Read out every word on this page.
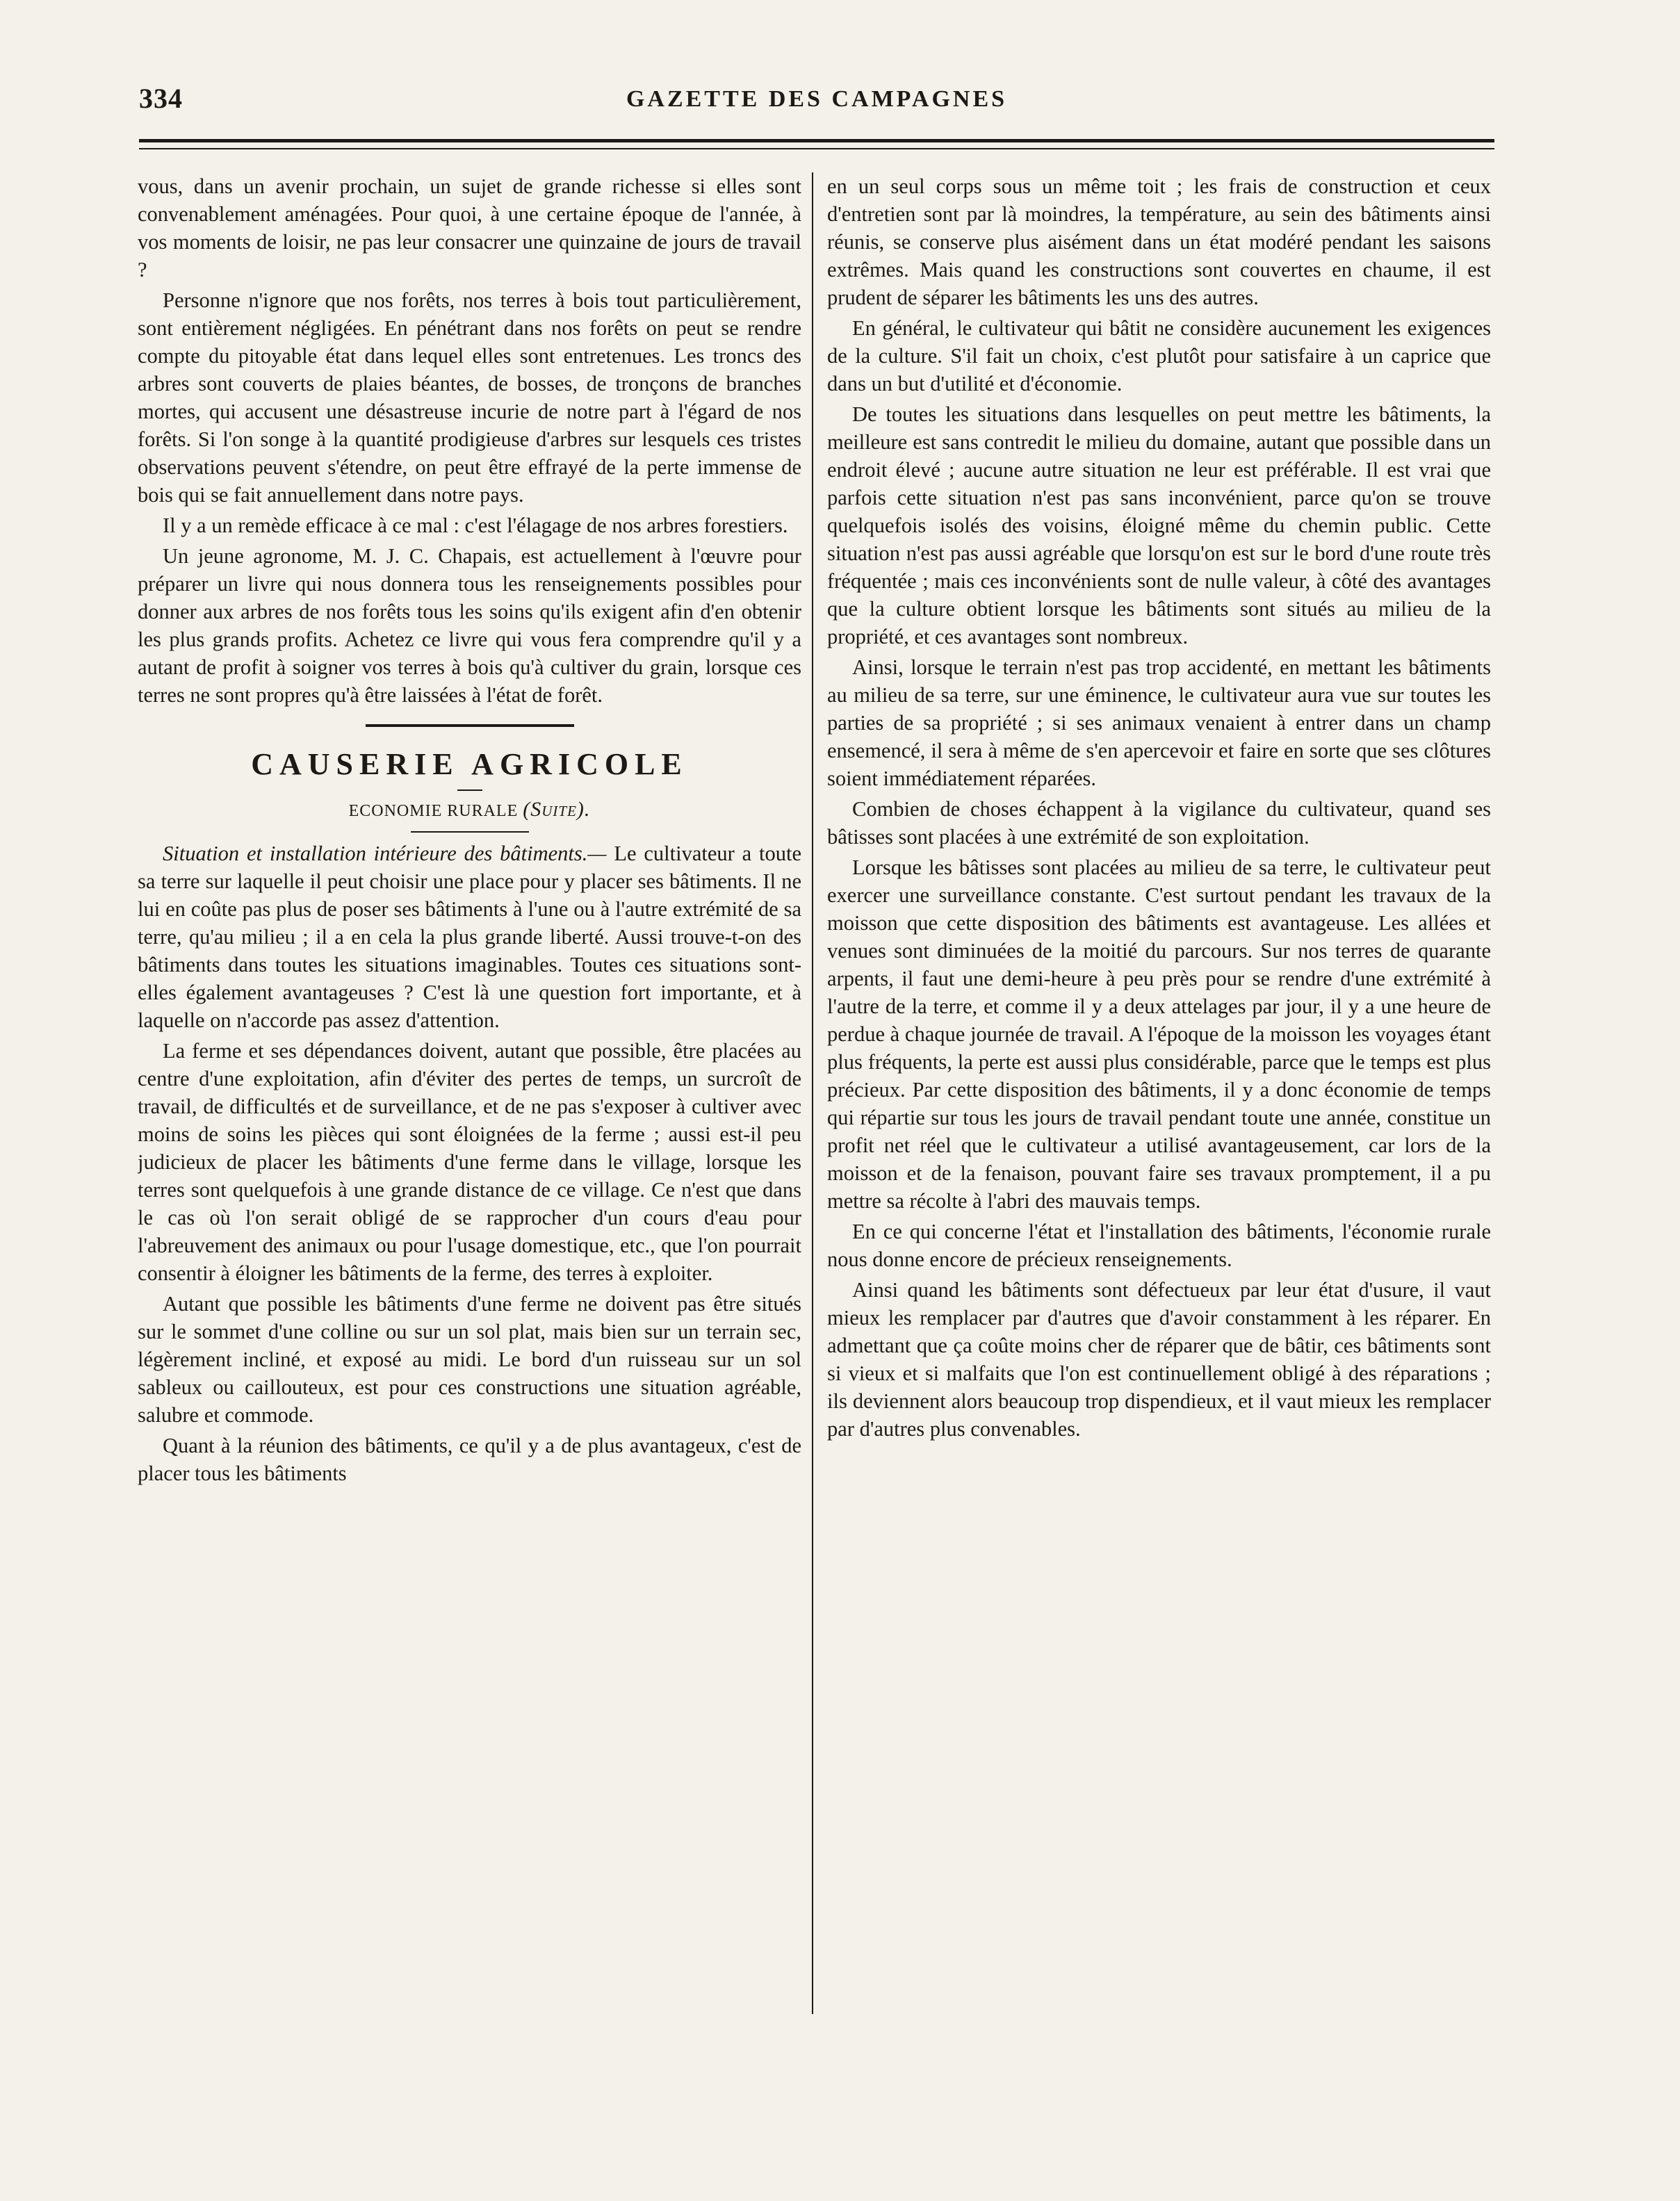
334	GAZETTE DES CAMPAGNES

vous, dans un avenir prochain, un sujet de grande richesse si elles sont convenablement aménagées. Pour quoi, à une certaine époque de l'année, à vos moments de loisir, ne pas leur consacrer une quinzaine de jours de travail ?

Personne n'ignore que nos forêts, nos terres à bois tout particulièrement, sont entièrement négligées. En pénétrant dans nos forêts on peut se rendre compte du pitoyable état dans lequel elles sont entretenues. Les troncs des arbres sont couverts de plaies béantes, de bosses, de tronçons de branches mortes, qui accusent une désastreuse incurie de notre part à l'égard de nos forêts. Si l'on songe à la quantité prodigieuse d'arbres sur lesquels ces tristes observations peuvent s'étendre, on peut être effrayé de la perte immense de bois qui se fait annuellement dans notre pays.

Il y a un remède efficace à ce mal : c'est l'élagage de nos arbres forestiers.

Un jeune agronome, M. J. C. Chapais, est actuellement à l'œuvre pour préparer un livre qui nous donnera tous les renseignements possibles pour donner aux arbres de nos forêts tous les soins qu'ils exigent afin d'en obtenir les plus grands profits. Achetez ce livre qui vous fera comprendre qu'il y a autant de profit à soigner vos terres à bois qu'à cultiver du grain, lorsque ces terres ne sont propres qu'à être laissées à l'état de forêt.

CAUSERIE AGRICOLE
ECONOMIE RURALE (Suite).

Situation et installation intérieure des bâtiments.— Le cultivateur a toute sa terre sur laquelle il peut choisir une place pour y placer ses bâtiments. Il ne lui en coûte pas plus de poser ses bâtiments à l'une ou à l'autre extrémité de sa terre, qu'au milieu ; il a en cela la plus grande liberté. Aussi trouve-t-on des bâtiments dans toutes les situations imaginables. Toutes ces situations sont-elles également avantageuses ? C'est là une question fort importante, et à laquelle on n'accorde pas assez d'attention.

La ferme et ses dépendances doivent, autant que possible, être placées au centre d'une exploitation, afin d'éviter des pertes de temps, un surcroît de travail, de difficultés et de surveillance, et de ne pas s'exposer à cultiver avec moins de soins les pièces qui sont éloignées de la ferme ; aussi est-il peu judicieux de placer les bâtiments d'une ferme dans le village, lorsque les terres sont quelquefois à une grande distance de ce village. Ce n'est que dans le cas où l'on serait obligé de se rapprocher d'un cours d'eau pour l'abreuvement des animaux ou pour l'usage domestique, etc., que l'on pourrait consentir à éloigner les bâtiments de la ferme, des terres à exploiter.

Autant que possible les bâtiments d'une ferme ne doivent pas être situés sur le sommet d'une colline ou sur un sol plat, mais bien sur un terrain sec, légèrement incliné, et exposé au midi. Le bord d'un ruisseau sur un sol sableux ou caillouteux, est pour ces constructions une situation agréable, salubre et commode.

Quant à la réunion des bâtiments, ce qu'il y a de plus avantageux, c'est de placer tous les bâtiments

en un seul corps sous un même toit ; les frais de construction et ceux d'entretien sont par là moindres, la température, au sein des bâtiments ainsi réunis, se conserve plus aisément dans un état modéré pendant les saisons extrêmes. Mais quand les constructions sont couvertes en chaume, il est prudent de séparer les bâtiments les uns des autres.

En général, le cultivateur qui bâtit ne considère aucunement les exigences de la culture. S'il fait un choix, c'est plutôt pour satisfaire à un caprice que dans un but d'utilité et d'économie.

De toutes les situations dans lesquelles on peut mettre les bâtiments, la meilleure est sans contredit le milieu du domaine, autant que possible dans un endroit élevé ; aucune autre situation ne leur est préférable. Il est vrai que parfois cette situation n'est pas sans inconvénient, parce qu'on se trouve quelquefois isolés des voisins, éloigné même du chemin public. Cette situation n'est pas aussi agréable que lorsqu'on est sur le bord d'une route très fréquentée ; mais ces inconvénients sont de nulle valeur, à côté des avantages que la culture obtient lorsque les bâtiments sont situés au milieu de la propriété, et ces avantages sont nombreux.

Ainsi, lorsque le terrain n'est pas trop accidenté, en mettant les bâtiments au milieu de sa terre, sur une éminence, le cultivateur aura vue sur toutes les parties de sa propriété ; si ses animaux venaient à entrer dans un champ ensemencé, il sera à même de s'en apercevoir et faire en sorte que ses clôtures soient immédiatement réparées.

Combien de choses échappent à la vigilance du cultivateur, quand ses bâtisses sont placées à une extrémité de son exploitation.

Lorsque les bâtisses sont placées au milieu de sa terre, le cultivateur peut exercer une surveillance constante. C'est surtout pendant les travaux de la moisson que cette disposition des bâtiments est avantageuse. Les allées et venues sont diminuées de la moitié du parcours. Sur nos terres de quarante arpents, il faut une demi-heure à peu près pour se rendre d'une extrémité à l'autre de la terre, et comme il y a deux attelages par jour, il y a une heure de perdue à chaque journée de travail. A l'époque de la moisson les voyages étant plus fréquents, la perte est aussi plus considérable, parce que le temps est plus précieux. Par cette disposition des bâtiments, il y a donc économie de temps qui répartie sur tous les jours de travail pendant toute une année, constitue un profit net réel que le cultivateur a utilisé avantageusement, car lors de la moisson et de la fenaison, pouvant faire ses travaux promptement, il a pu mettre sa récolte à l'abri des mauvais temps.

En ce qui concerne l'état et l'installation des bâtiments, l'économie rurale nous donne encore de précieux renseignements.

Ainsi quand les bâtiments sont défectueux par leur état d'usure, il vaut mieux les remplacer par d'autres que d'avoir constamment à les réparer. En admettant que ça coûte moins cher de réparer que de bâtir, ces bâtiments sont si vieux et si malfaits que l'on est continuellement obligé à des réparations ; ils deviennent alors beaucoup trop dispendieux, et il vaut mieux les remplacer par d'autres plus convenables.
